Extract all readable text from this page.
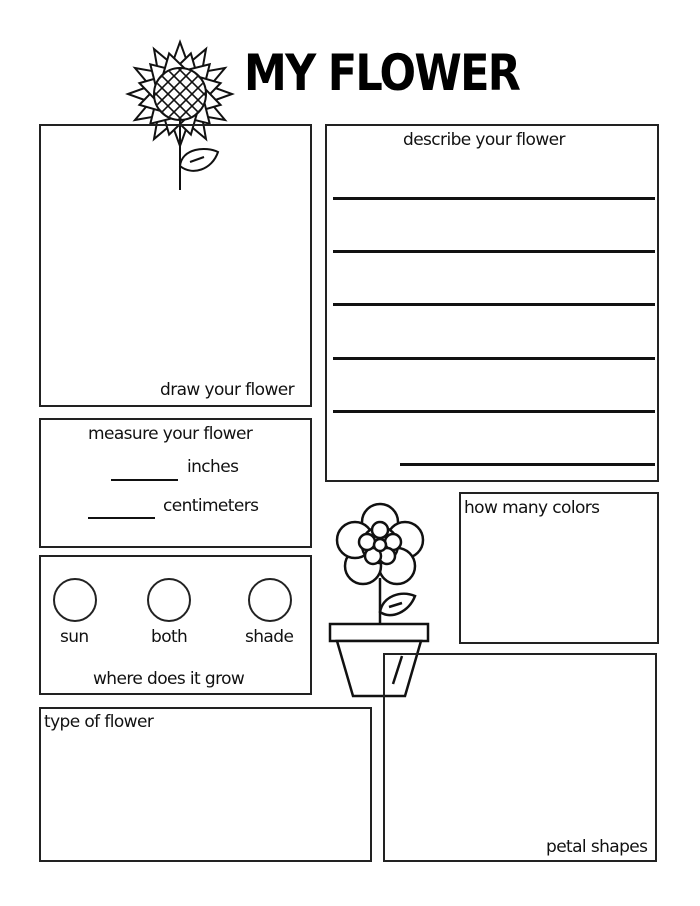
MY FLOWER
draw your flower
describe your flower
measure your flower
inches
centimeters
sun	both	shade
where does it grow
how many colors
type of flower
petal shapes
